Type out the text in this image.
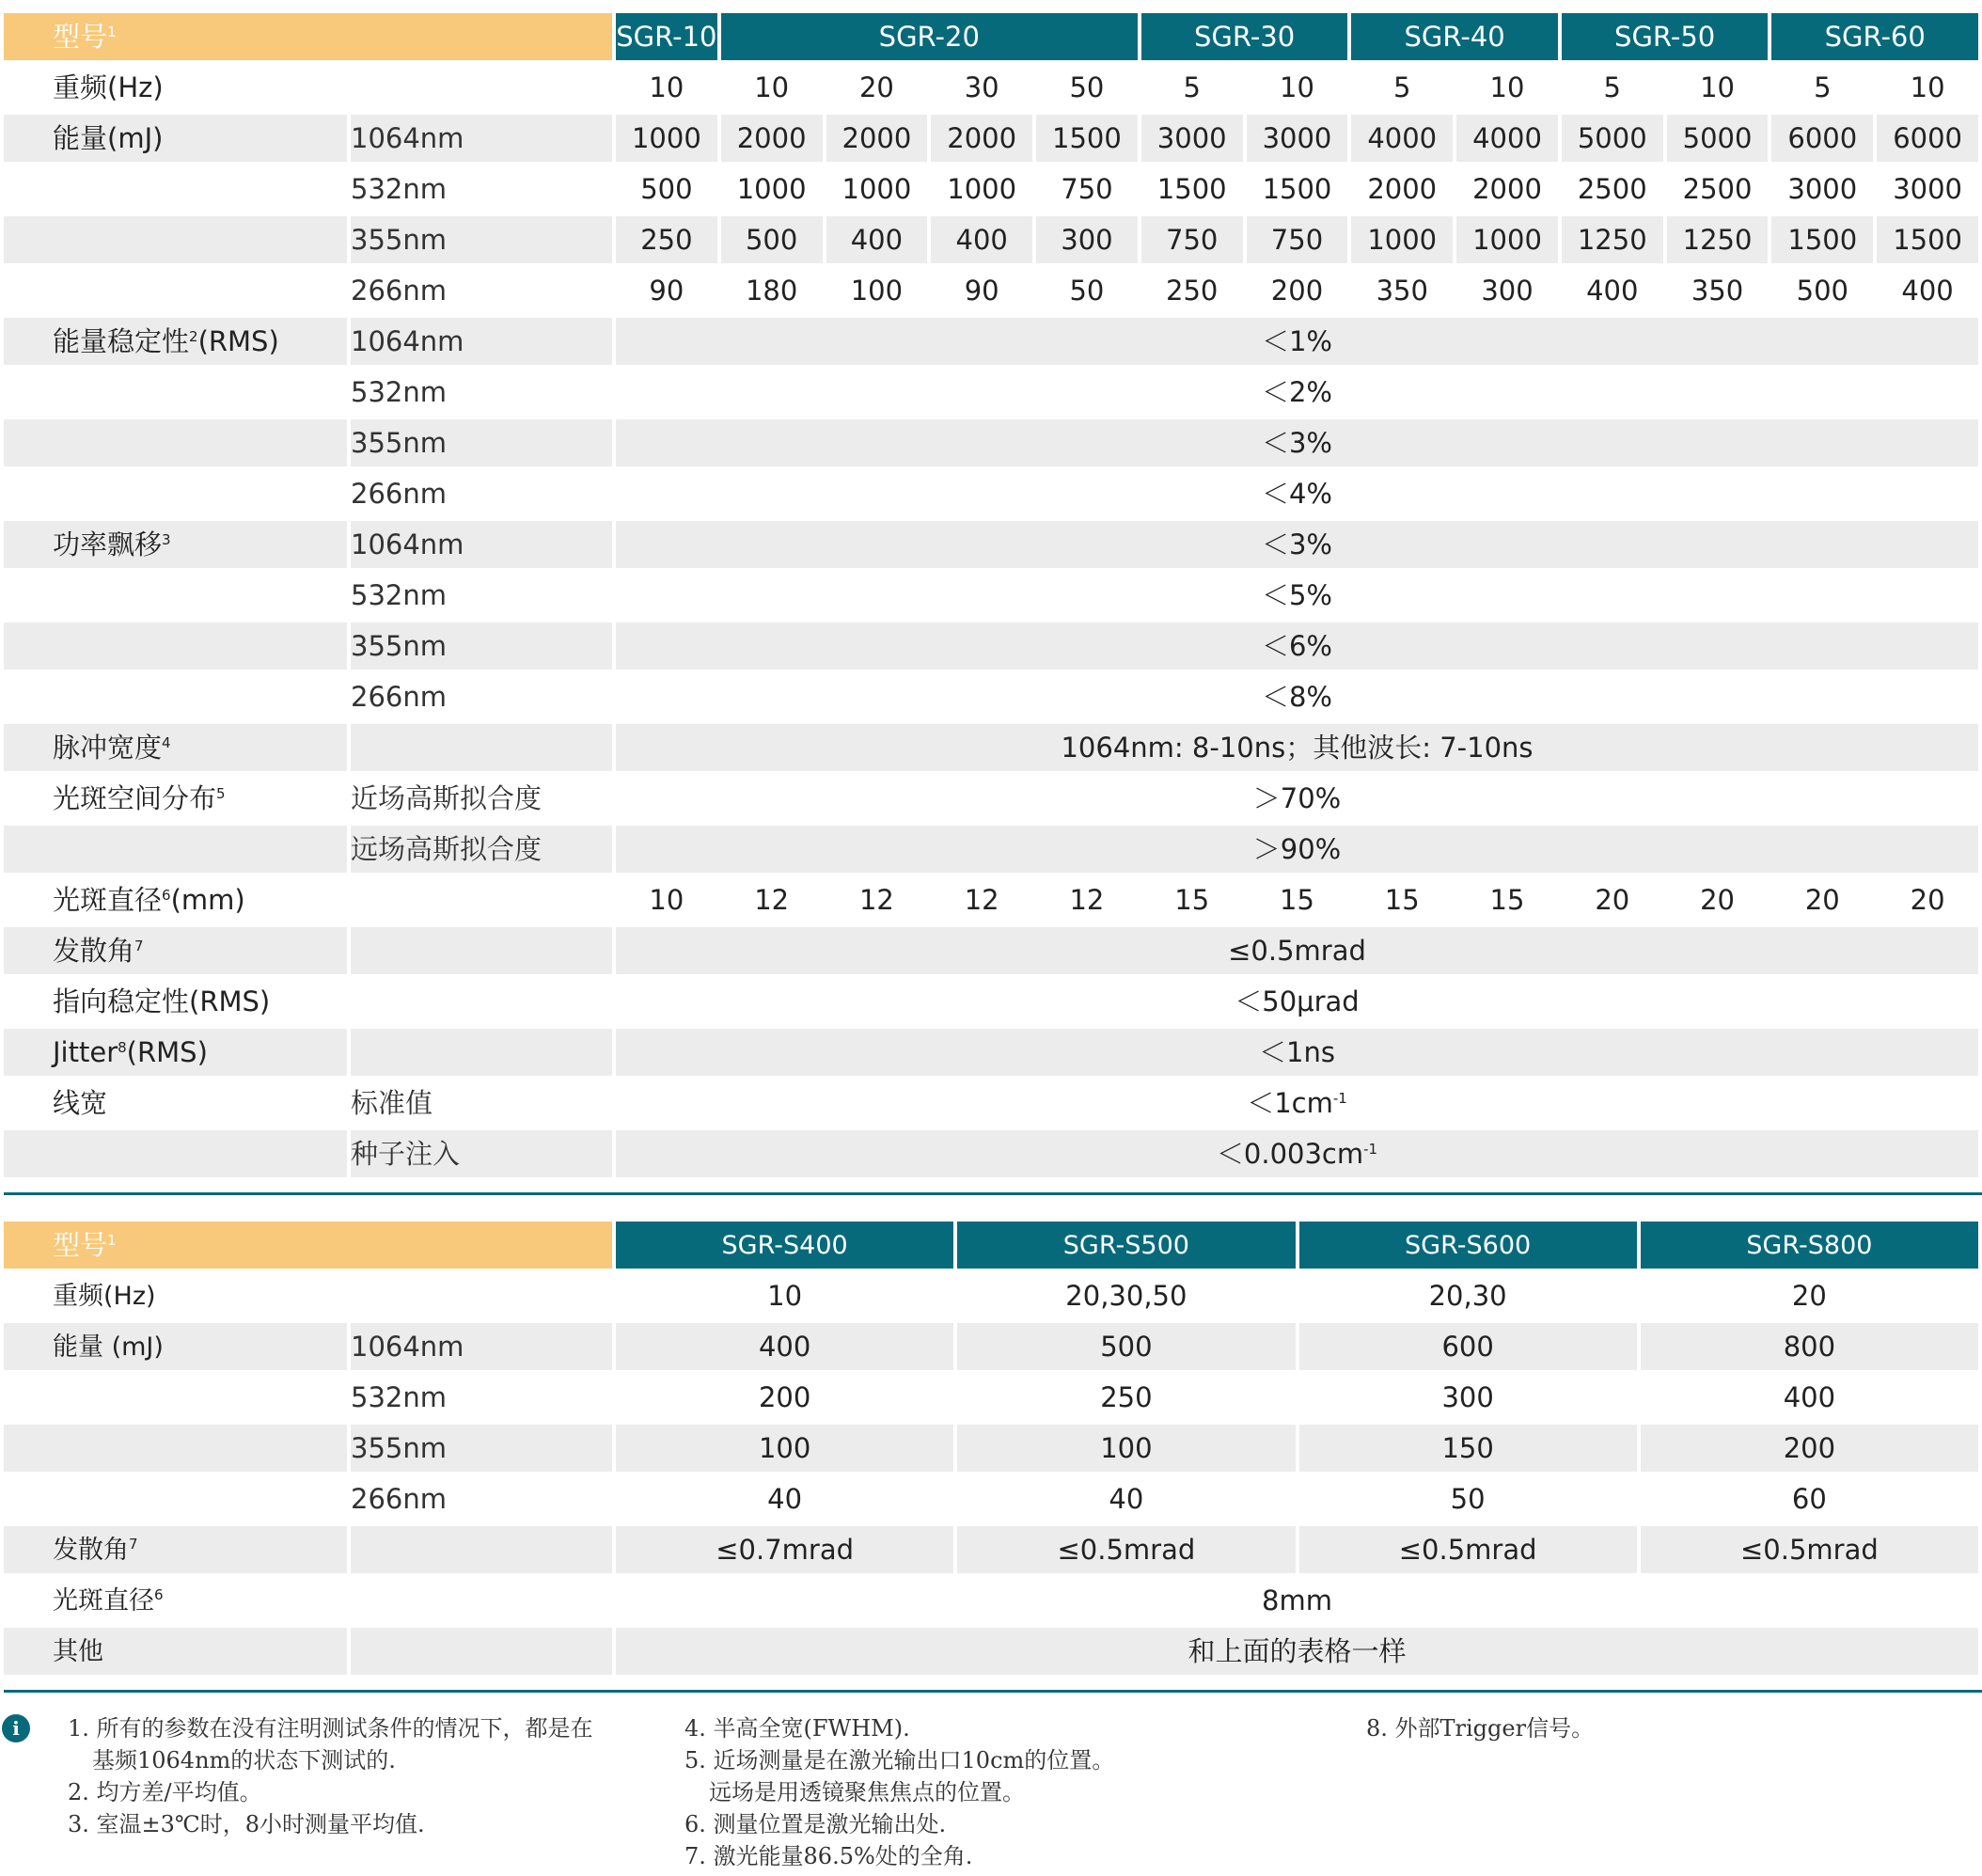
型号$^1$		SGR-10	SGR-20				SGR-30		SGR-40		SGR-50		SGR-60	
重频(Hz)		10	10	20	30	50	5	10	5	10	5	10	5	10
能量(mJ)	1064nm	1000	2000	2000	2000	1500	3000	3000	4000	4000	5000	5000	6000	6000
	532nm	500	1000	1000	1000	750	1500	1500	2000	2000	2500	2500	3000	3000
	355nm	250	500	400	400	300	750	750	1000	1000	1250	1250	1500	1500
	266nm	90	180	100	90	50	250	200	350	300	400	350	500	400
能量稳定性$^2$(RMS)	1064nm	＜1%												
	532nm	＜2%												
	355nm	＜3%												
	266nm	＜4%												
功率飘移$^3$	1064nm	＜3%												
	532nm	＜5%												
	355nm	＜6%												
	266nm	＜8%												
脉冲宽度$^4$		1064nm: 8-10ns；其他波长: 7-10ns												
光斑空间分布$^5$	近场高斯拟合度	＞70%												
	远场高斯拟合度	＞90%												
光斑直径$^6$(mm)		10	12	12	12	12	15	15	15	15	20	20	20	20
发散角$^7$		≤0.5mrad												
指向稳定性(RMS)		＜50μrad												
Jitter$^8$(RMS)		＜1ns												
线宽	标准值	$<1cm^{-1}$
	种子注入	$<0.003cm^{-1}$
型号$^1$		SGR-S400	SGR-S500	SGR-S600	SGR-S800
重频(Hz)		10	20,30,50	20,30	20
能量 (mJ)	1064nm	400	500	600	800
	532nm	200	250	300	400
	355nm	100	100	150	200
	266nm	40	40	50	60
发散角$^7$		≤0.7mrad	≤0.5mrad	≤0.5mrad	≤0.5mrad
光斑直径$^6$		8mm			
其他		和上面的表格一样			
i	1. 所有的参数在没有注明测试条件的情况下，都是在
基频1064nm的状态下测试的.
2. 均方差/平均值。
3. 室温±3℃时，8小时测量平均值.
4. 半高全宽(FWHM).
5. 近场测量是在激光输出口10cm的位置。
远场是用透镜聚焦焦点的位置。
6. 测量位置是激光输出处.
7. 激光能量86.5%处的全角.
8. 外部Trigger信号。
